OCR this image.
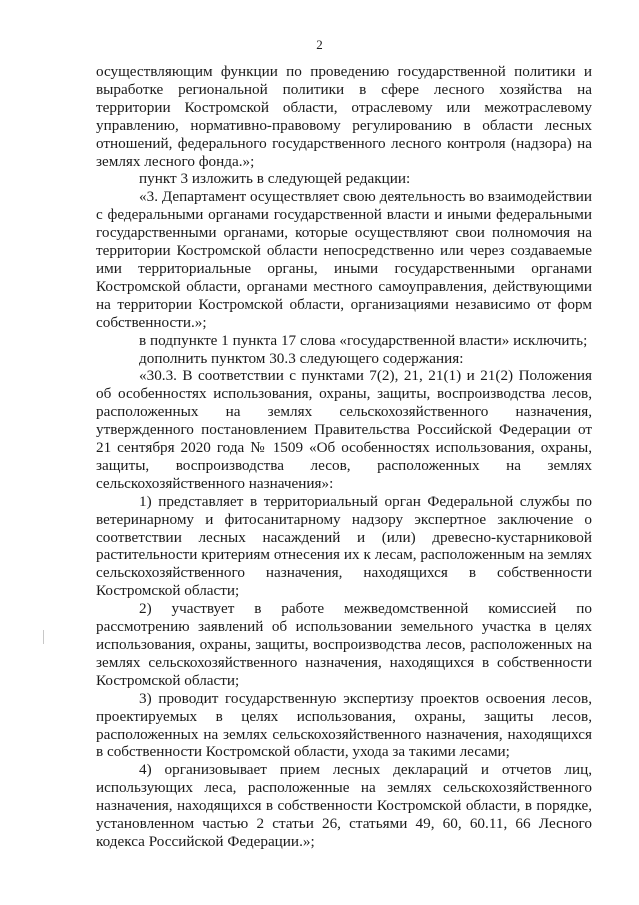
2

осуществляющим функции по проведению государственной политики и выработке региональной политики в сфере лесного хозяйства на территории Костромской области, отраслевому или межотраслевому управлению, нормативно-правовому регулированию в области лесных отношений, федерального государственного лесного контроля (надзора) на землях лесного фонда.»;

пункт 3 изложить в следующей редакции:

«3. Департамент осуществляет свою деятельность во взаимодействии с федеральными органами государственной власти и иными федеральными государственными органами, которые осуществляют свои полномочия на территории Костромской области непосредственно или через создаваемые ими территориальные органы, иными государственными органами Костромской области, органами местного самоуправления, действующими на территории Костромской области, организациями независимо от форм собственности.»;

в подпункте 1 пункта 17 слова «государственной власти» исключить;

дополнить пунктом 30.3 следующего содержания:

«30.3. В соответствии с пунктами 7(2), 21, 21(1) и 21(2) Положения об особенностях использования, охраны, защиты, воспроизводства лесов, расположенных на землях сельскохозяйственного назначения, утвержденного постановлением Правительства Российской Федерации от 21 сентября 2020 года № 1509 «Об особенностях использования, охраны, защиты, воспроизводства лесов, расположенных на землях сельскохозяйственного назначения»:

1) представляет в территориальный орган Федеральной службы по ветеринарному и фитосанитарному надзору экспертное заключение о соответствии лесных насаждений и (или) древесно-кустарниковой растительности критериям отнесения их к лесам, расположенным на землях сельскохозяйственного назначения, находящихся в собственности Костромской области;

2) участвует в работе межведомственной комиссией по рассмотрению заявлений об использовании земельного участка в целях использования, охраны, защиты, воспроизводства лесов, расположенных на землях сельскохозяйственного назначения, находящихся в собственности Костромской области;

3) проводит государственную экспертизу проектов освоения лесов, проектируемых в целях использования, охраны, защиты лесов, расположенных на землях сельскохозяйственного назначения, находящихся в собственности Костромской области, ухода за такими лесами;

4) организовывает прием лесных деклараций и отчетов лиц, использующих леса, расположенные на землях сельскохозяйственного назначения, находящихся в собственности Костромской области, в порядке, установленном частью 2 статьи 26, статьями 49, 60, 60.11, 66 Лесного кодекса Российской Федерации.»;
